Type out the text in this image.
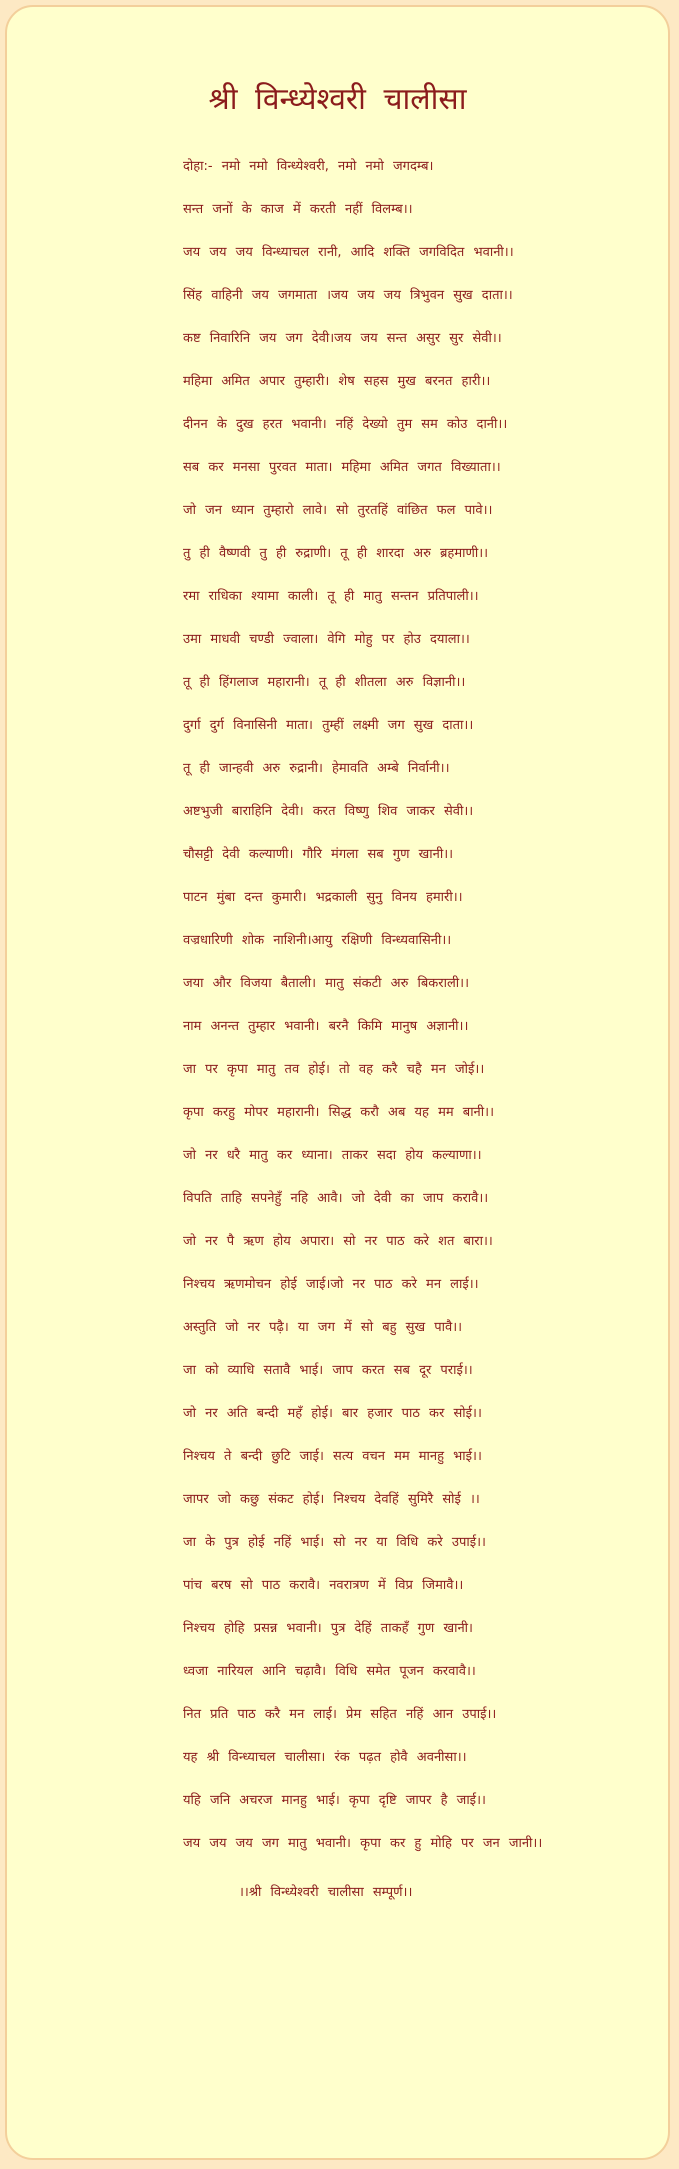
श्री विन्ध्येश्वरी चालीसा
दोहा:- नमो नमो विन्ध्येश्वरी, नमो नमो जगदम्ब।
सन्त जनों के काज में करती नहीं विलम्ब।।
जय जय जय विन्ध्याचल रानी, आदि शक्ति जगविदित भवानी।।
सिंह वाहिनी जय जगमाता ।जय जय जय त्रिभुवन सुख दाता।।
कष्ट निवारिनि जय जग देवी।जय जय सन्त असुर सुर सेवी।।
महिमा अमित अपार तुम्हारी। शेष सहस मुख बरनत हारी।।
दीनन के दुख हरत भवानी। नहिं देख्यो तुम सम कोउ दानी।।
सब कर मनसा पुरवत माता। महिमा अमित जगत विख्याता।।
जो जन ध्यान तुम्हारो लावे। सो तुरतहिं वांछित फल पावे।।
तु ही वैष्णवी तु ही रुद्राणी। तू ही शारदा अरु ब्रहमाणी।।
रमा राधिका श्यामा काली। तू ही मातु सन्तन प्रतिपाली।।
उमा माधवी चण्डी ज्वाला। वेगि मोहु पर होउ दयाला।।
तू ही हिंगलाज महारानी। तू ही शीतला अरु विज्ञानी।।
दुर्गा दुर्ग विनासिनी माता। तुम्हीं लक्ष्मी जग सुख दाता।।
तू ही जान्हवी अरु रुद्रानी। हेमावति अम्बे निर्वानी।।
अष्टभुजी बाराहिनि देवी। करत विष्णु शिव जाकर सेवी।।
चौसट्टी देवी कल्याणी। गौरि मंगला सब गुण खानी।।
पाटन मुंबा दन्त कुमारी। भद्रकाली सुनु विनय हमारी।।
वज्रधारिणी शोक नाशिनी।आयु रक्षिणी विन्ध्यवासिनी।।
जया और विजया बैताली। मातु संकटी अरु बिकराली।।
नाम अनन्त तुम्हार भवानी। बरनै किमि मानुष अज्ञानी।।
जा पर कृपा मातु तव होई। तो वह करै चहै मन जोई।।
कृपा करहु मोपर महारानी। सिद्ध करौ अब यह मम बानी।।
जो नर धरै मातु कर ध्याना। ताकर सदा होय कल्याणा।।
विपति ताहि सपनेहुँ नहि आवै। जो देवी का जाप करावै।।
जो नर पै ऋण होय अपारा। सो नर पाठ करे शत बारा।।
निश्चय ऋणमोचन होई जाई।जो नर पाठ करे मन लाई।।
अस्तुति जो नर पढ़ै। या जग में सो बहु सुख पावै।।
जा को व्याधि सतावै भाई। जाप करत सब दूर पराई।।
जो नर अति बन्दी महँ होई। बार हजार पाठ कर सोई।।
निश्चय ते बन्दी छुटि जाई। सत्य वचन मम मानहु भाई।।
जापर जो कछु संकट होई। निश्चय देवहिं सुमिरै सोई ।।
जा के पुत्र होई नहिं भाई। सो नर या विधि करे उपाई।।
पांच बरष सो पाठ करावै। नवरात्रण में विप्र जिमावै।।
निश्चय होहि प्रसन्न भवानी। पुत्र देहिं ताकहँ गुण खानी।
ध्वजा नारियल आनि चढ़ावै। विधि समेत पूजन करवावै।।
नित प्रति पाठ करै मन लाई। प्रेम सहित नहिं आन उपाई।।
यह श्री विन्ध्याचल चालीसा। रंक पढ़त होवै अवनीसा।।
यहि जनि अचरज मानहु भाई। कृपा दृष्टि जापर है जाई।।
जय जय जय जग मातु भवानी। कृपा कर हु मोहि पर जन जानी।।

।।श्री विन्ध्येश्वरी चालीसा सम्पूर्ण।।
